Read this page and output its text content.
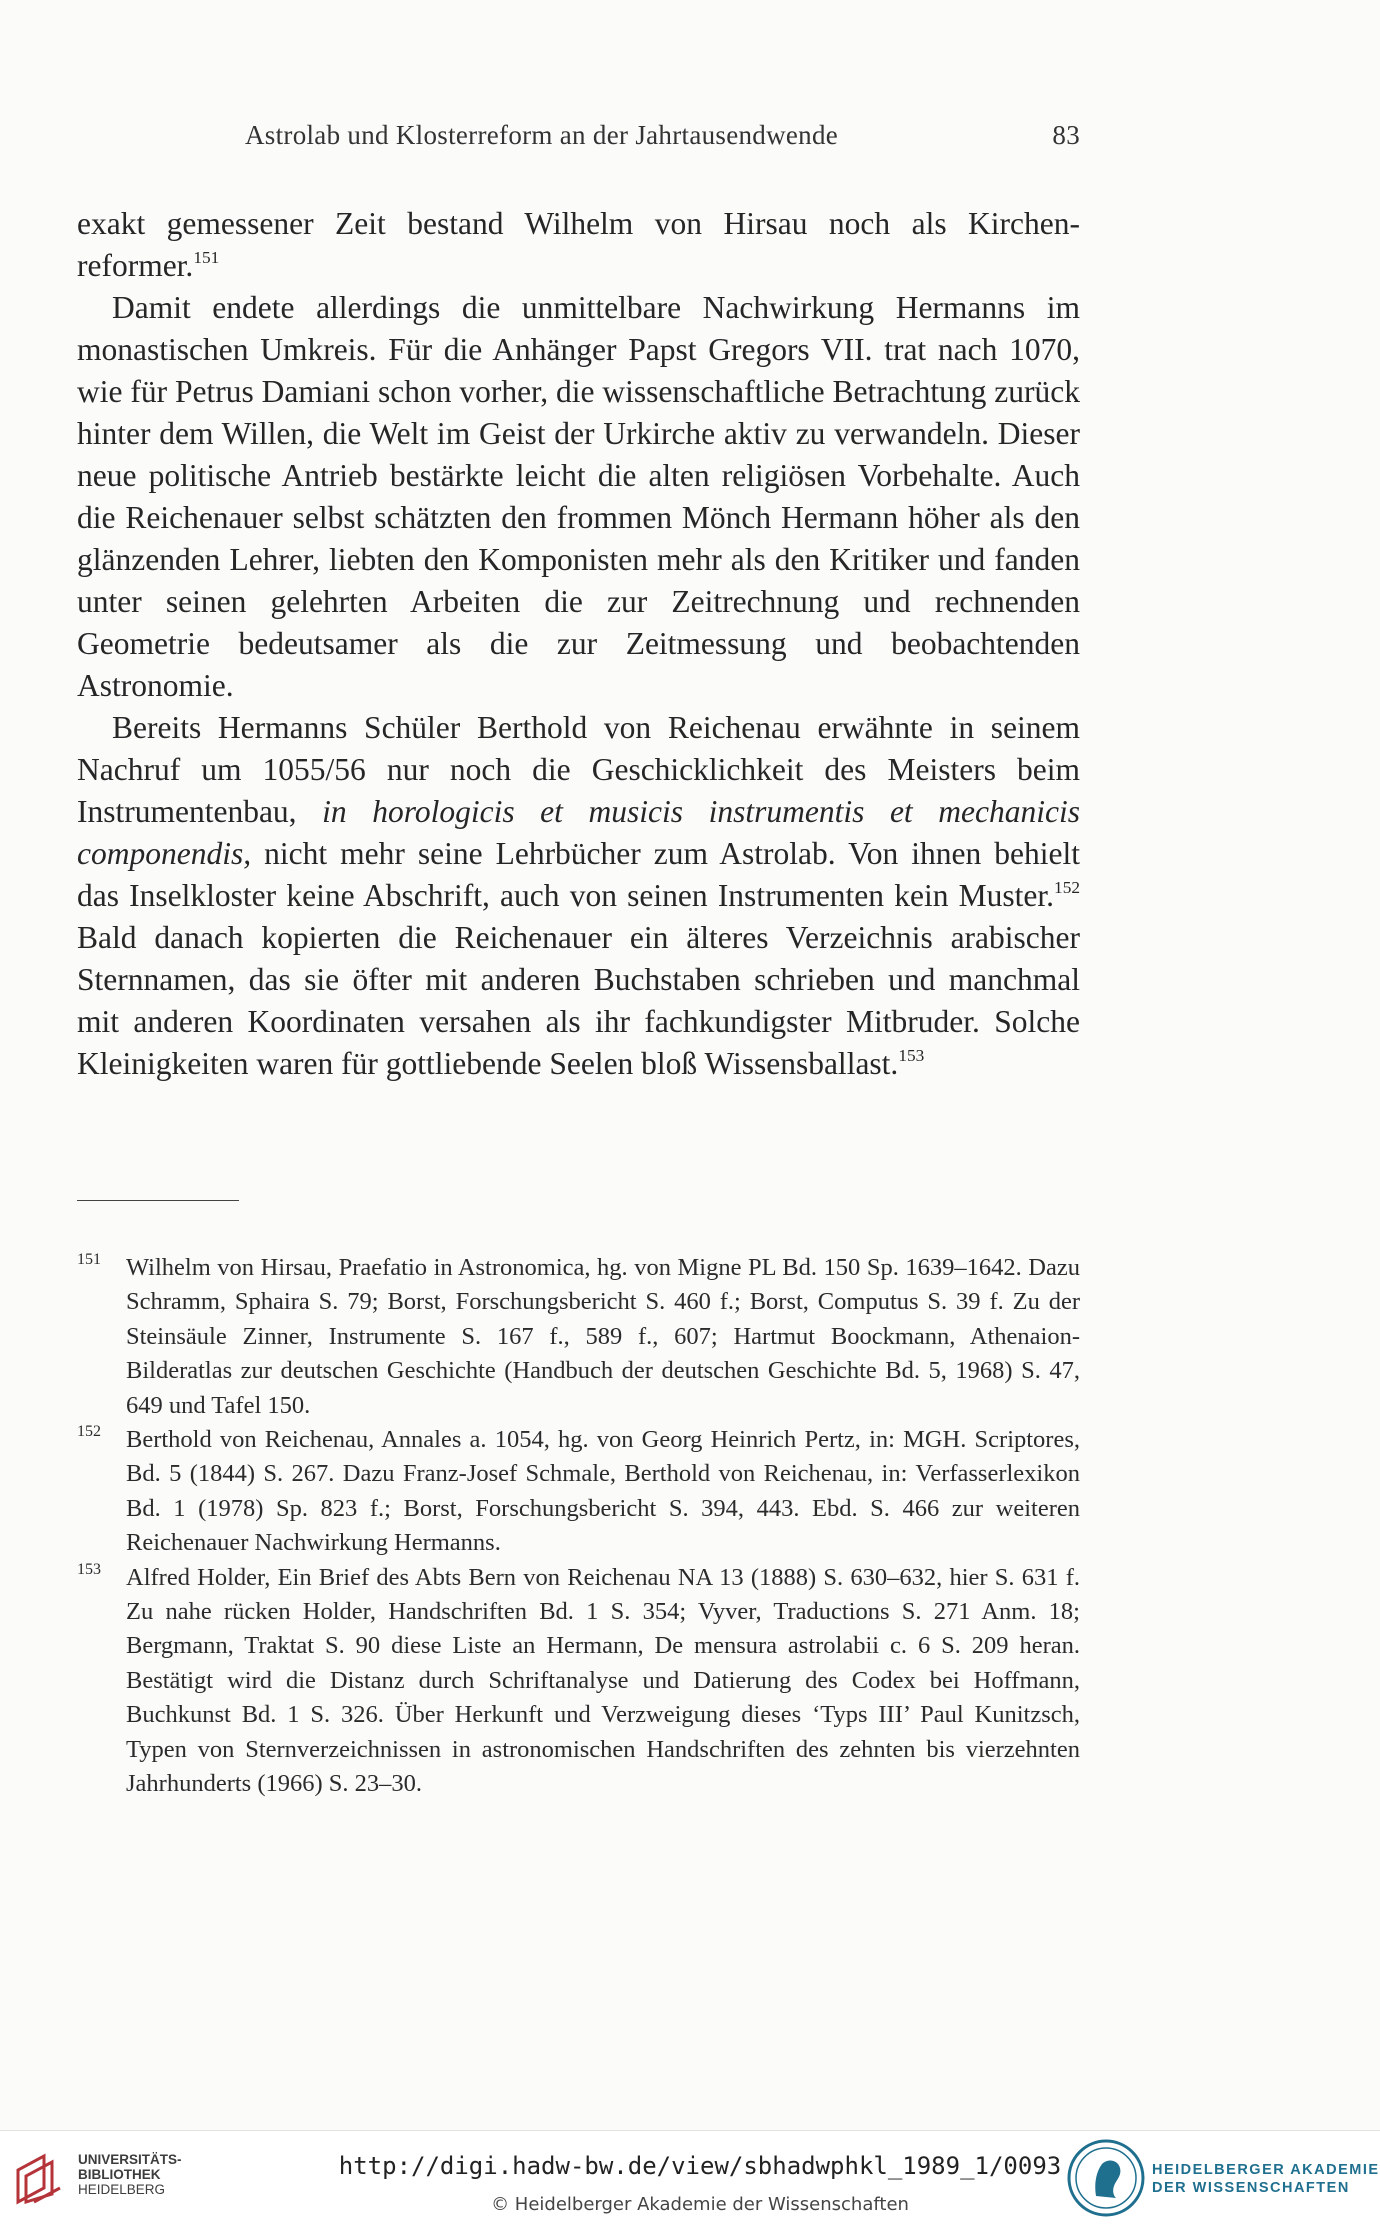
Astrolab und Klosterreform an der Jahrtausendwende	83

exakt gemessener Zeit bestand Wilhelm von Hirsau noch als Kirchenreformer.$^{151}$

Damit endete allerdings die unmittelbare Nachwirkung Hermanns im monastischen Umkreis. Für die Anhänger Papst Gregors VII. trat nach 1070, wie für Petrus Damiani schon vorher, die wissenschaftliche Betrachtung zurück hinter dem Willen, die Welt im Geist der Urkirche aktiv zu verwandeln. Dieser neue politische Antrieb bestärkte leicht die alten religiösen Vorbehalte. Auch die Reichenauer selbst schätzten den frommen Mönch Hermann höher als den glänzenden Lehrer, liebten den Komponisten mehr als den Kritiker und fanden unter seinen gelehrten Arbeiten die zur Zeitrechnung und rechnenden Geometrie bedeutsamer als die zur Zeitmessung und beobachtenden Astronomie.

Bereits Hermanns Schüler Berthold von Reichenau erwähnte in seinem Nachruf um 1055/56 nur noch die Geschicklichkeit des Meisters beim Instrumentenbau, in horologicis et musicis instrumentis et mechanicis componendis, nicht mehr seine Lehrbücher zum Astrolab. Von ihnen behielt das Inselkloster keine Abschrift, auch von seinen Instrumenten kein Muster.$^{152}$ Bald danach kopierten die Reichenauer ein älteres Verzeichnis arabischer Sternnamen, das sie öfter mit anderen Buchstaben schrieben und manchmal mit anderen Koordinaten versahen als ihr fachkundigster Mitbruder. Solche Kleinigkeiten waren für gottliebende Seelen bloß Wissensballast.$^{153}$

151 Wilhelm von Hirsau, Praefatio in Astronomica, hg. von Migne PL Bd. 150 Sp. 1639–1642. Dazu Schramm, Sphaira S. 79; Borst, Forschungsbericht S. 460 f.; Borst, Computus S. 39 f. Zu der Steinsäule Zinner, Instrumente S. 167 f., 589 f., 607; Hartmut Boockmann, Athenaion-Bilderatlas zur deutschen Geschichte (Handbuch der deutschen Geschichte Bd. 5, 1968) S. 47, 649 und Tafel 150.
152 Berthold von Reichenau, Annales a. 1054, hg. von Georg Heinrich Pertz, in: MGH. Scriptores, Bd. 5 (1844) S. 267. Dazu Franz-Josef Schmale, Berthold von Reichenau, in: Verfasserlexikon Bd. 1 (1978) Sp. 823 f.; Borst, Forschungsbericht S. 394, 443. Ebd. S. 466 zur weiteren Reichenauer Nachwirkung Hermanns.
153 Alfred Holder, Ein Brief des Abts Bern von Reichenau NA 13 (1888) S. 630–632, hier S. 631 f. Zu nahe rücken Holder, Handschriften Bd. 1 S. 354; Vyver, Traductions S. 271 Anm. 18; Bergmann, Traktat S. 90 diese Liste an Hermann, De mensura astrolabii c. 6 S. 209 heran. Bestätigt wird die Distanz durch Schriftanalyse und Datierung des Codex bei Hoffmann, Buchkunst Bd. 1 S. 326. Über Herkunft und Verzweigung dieses ‘Typs III’ Paul Kunitzsch, Typen von Sternverzeichnissen in astronomischen Handschriften des zehnten bis vierzehnten Jahrhunderts (1966) S. 23–30.
UNIVERSITÄTS-
BIBLIOTHEK
HEIDELBERG
http://digi.hadw-bw.de/view/sbhadwphkl_1989_1/0093
© Heidelberger Akademie der Wissenschaften
HEIDELBERGER AKADEMIE
DER WISSENSCHAFTEN
